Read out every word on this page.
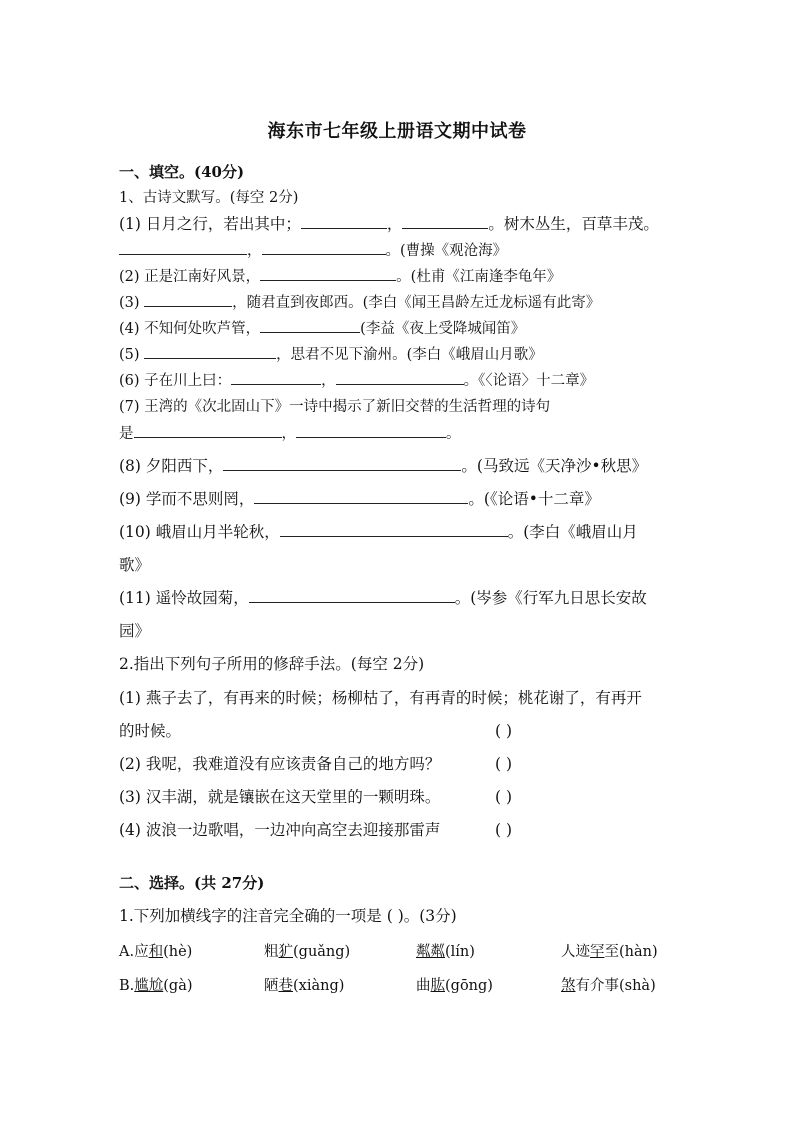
海东市七年级上册语文期中试卷
一、填空。(40分)
1、古诗文默写。(每空 2分)
(1) 日月之行，若出其中；	，	。树木丛生，百草丰茂。
，	。(曹操《观沧海》
(2) 正是江南好风景，	。(杜甫《江南逢李龟年》
(3)	，随君直到夜郎西。(李白《闻王昌龄左迁龙标遥有此寄》
(4) 不知何处吹芦管，	(李益《夜上受降城闻笛》
(5)	，思君不见下渝州。(李白《峨眉山月歌》
(6) 子在川上曰：	，	。《〈论语〉十二章》
(7) 王湾的《次北固山下》一诗中揭示了新旧交替的生活哲理的诗句
是	，	。
(8) 夕阳西下，	。(马致远《天净沙•秋思》
(9) 学而不思则罔，	。(《论语•十二章》
(10) 峨眉山月半轮秋，	。(李白《峨眉山月
歌》
(11) 遥怜故园菊，	。(岑参《行军九日思长安故
园》
2.指出下列句子所用的修辞手法。(每空 2分)
(1) 燕子去了，有再来的时候；杨柳枯了，有再青的时候；桃花谢了，有再开
的时候。	( )
(2) 我呢，我难道没有应该责备自己的地方吗？	( )
(3) 汉丰湖，就是镶嵌在这天堂里的一颗明珠。	( )
(4) 波浪一边歌唱，一边冲向高空去迎接那雷声	( )
二、选择。(共 27分)
1.下列加横线字的注音完全确的一项是 ( )。(3分)
A.应和(hè)	粗犷(guǎng)	粼粼(lín)	人迹罕至(hàn)
B.尴尬(gà)	陋巷(xiàng)	曲肱(gōng)	煞有介事(shà)
